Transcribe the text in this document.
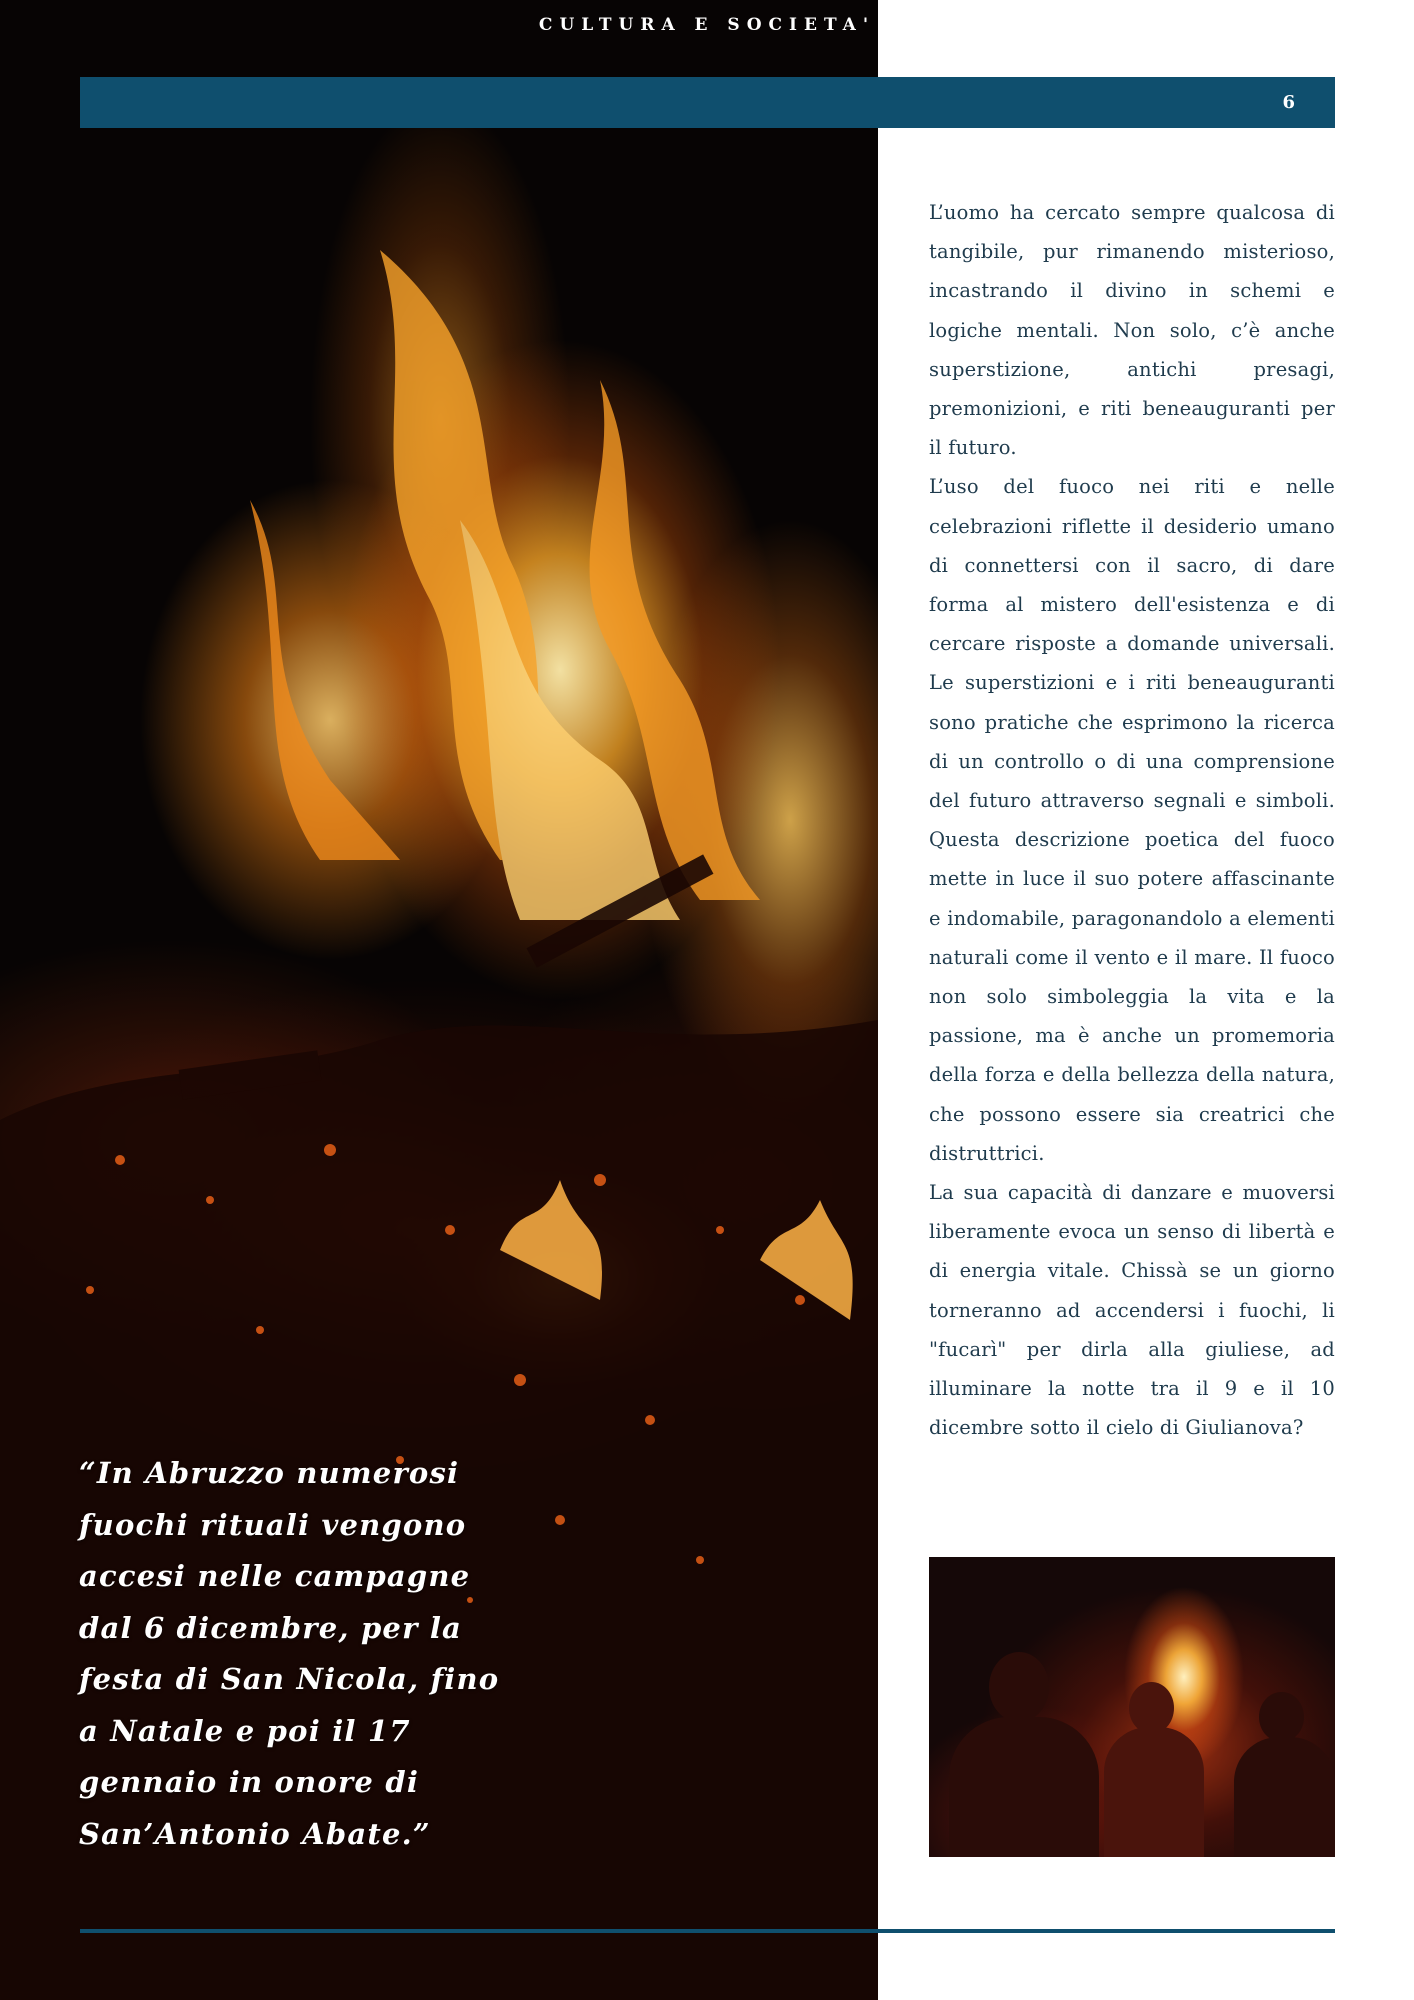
CULTURA E SOCIETA'
6

L’uomo ha cercato sempre qualcosa di tangibile, pur rimanendo misterioso, incastrando il divino in schemi e logiche mentali. Non solo, c’è anche superstizione, antichi presagi, premonizioni, e riti beneauguranti per il futuro.

L’uso del fuoco nei riti e nelle celebrazioni riflette il desiderio umano di connettersi con il sacro, di dare forma al mistero dell'esistenza e di cercare risposte a domande universali. Le superstizioni e i riti beneauguranti sono pratiche che esprimono la ricerca di un controllo o di una comprensione del futuro attraverso segnali e simboli. Questa descrizione poetica del fuoco mette in luce il suo potere affascinante e indomabile, paragonandolo a elementi naturali come il vento e il mare. Il fuoco non solo simboleggia la vita e la passione, ma è anche un promemoria della forza e della bellezza della natura, che possono essere sia creatrici che distruttrici.

La sua capacità di danzare e muoversi liberamente evoca un senso di libertà e di energia vitale. Chissà se un giorno torneranno ad accendersi i fuochi, li "fucarì" per dirla alla giuliese, ad illuminare la notte tra il 9 e il 10 dicembre sotto il cielo di Giulianova?

“In Abruzzo numerosi fuochi rituali vengono accesi nelle campagne dal 6 dicembre, per la festa di San Nicola, fino a Natale e poi il 17 gennaio in onore di San’Antonio Abate.”
